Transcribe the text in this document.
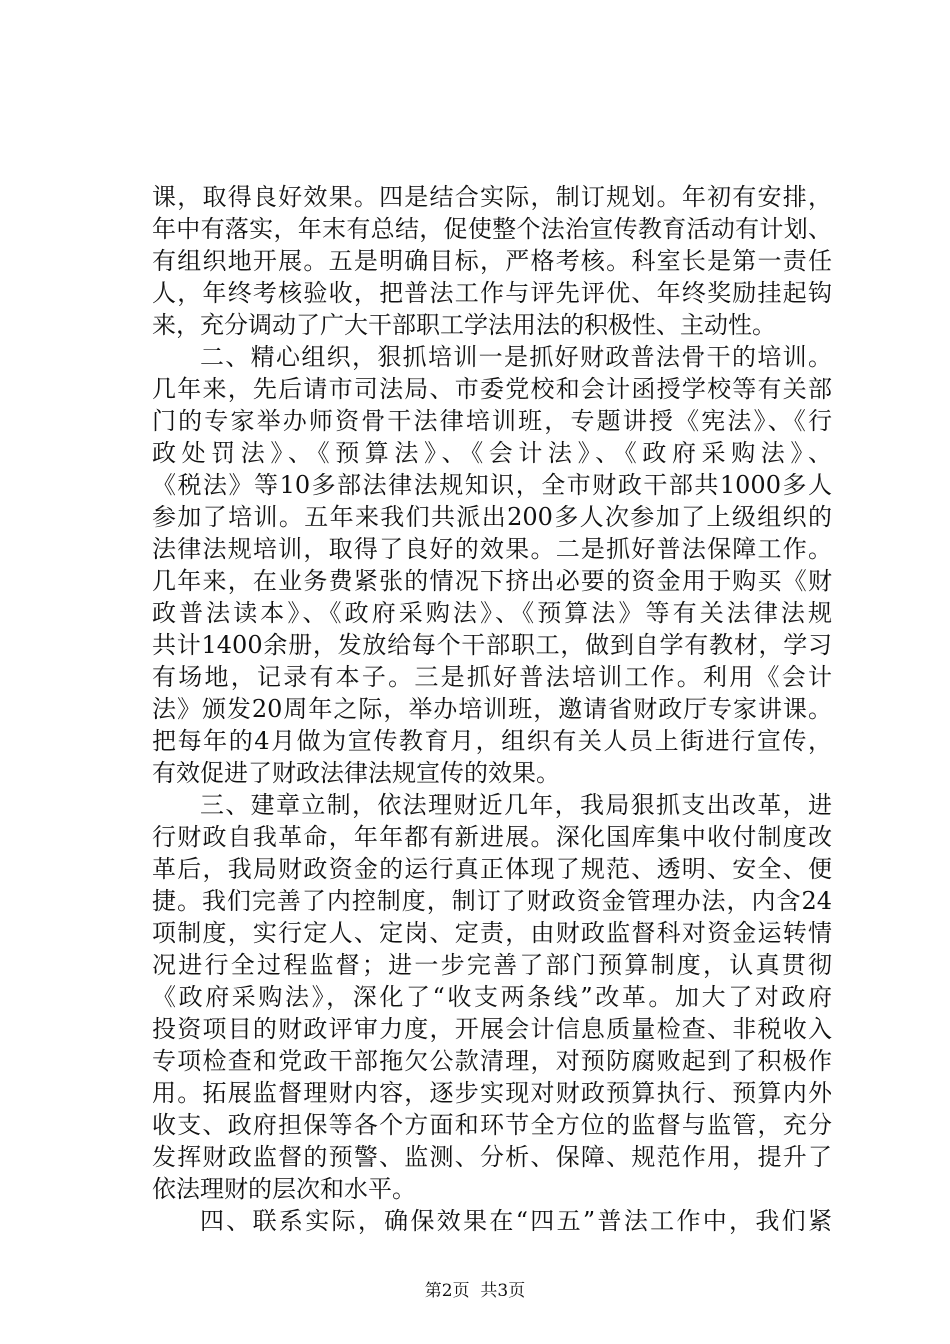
课，取得良好效果。四是结合实际，制订规划。年初有安排，
年中有落实，年末有总结，促使整个法治宣传教育活动有计划、
有组织地开展。五是明确目标，严格考核。科室长是第一责任
人，年终考核验收，把普法工作与评先评优、年终奖励挂起钩
来，充分调动了广大干部职工学法用法的积极性、主动性。
二、精心组织，狠抓培训一是抓好财政普法骨干的培训。
几年来，先后请市司法局、市委党校和会计函授学校等有关部
门的专家举办师资骨干法律培训班，专题讲授《宪法》、《行
政处罚法》、《预算法》、《会计法》、《政府采购法》、
《税法》等10多部法律法规知识，全市财政干部共1000多人
参加了培训。五年来我们共派出200多人次参加了上级组织的
法律法规培训，取得了良好的效果。二是抓好普法保障工作。
几年来，在业务费紧张的情况下挤出必要的资金用于购买《财
政普法读本》、《政府采购法》、《预算法》等有关法律法规
共计1400余册，发放给每个干部职工，做到自学有教材，学习
有场地，记录有本子。三是抓好普法培训工作。利用《会计
法》颁发20周年之际，举办培训班，邀请省财政厅专家讲课。
把每年的4月做为宣传教育月，组织有关人员上街进行宣传，
有效促进了财政法律法规宣传的效果。
三、建章立制，依法理财近几年，我局狠抓支出改革，进
行财政自我革命，年年都有新进展。深化国库集中收付制度改
革后，我局财政资金的运行真正体现了规范、透明、安全、便
捷。我们完善了内控制度，制订了财政资金管理办法，内含24
项制度，实行定人、定岗、定责，由财政监督科对资金运转情
况进行全过程监督；进一步完善了部门预算制度，认真贯彻
《政府采购法》，深化了“收支两条线”改革。加大了对政府
投资项目的财政评审力度，开展会计信息质量检查、非税收入
专项检查和党政干部拖欠公款清理，对预防腐败起到了积极作
用。拓展监督理财内容，逐步实现对财政预算执行、预算内外
收支、政府担保等各个方面和环节全方位的监督与监管，充分
发挥财政监督的预警、监测、分析、保障、规范作用，提升了
依法理财的层次和水平。
四、联系实际，确保效果在“四五”普法工作中，我们紧
第2页  共3页
